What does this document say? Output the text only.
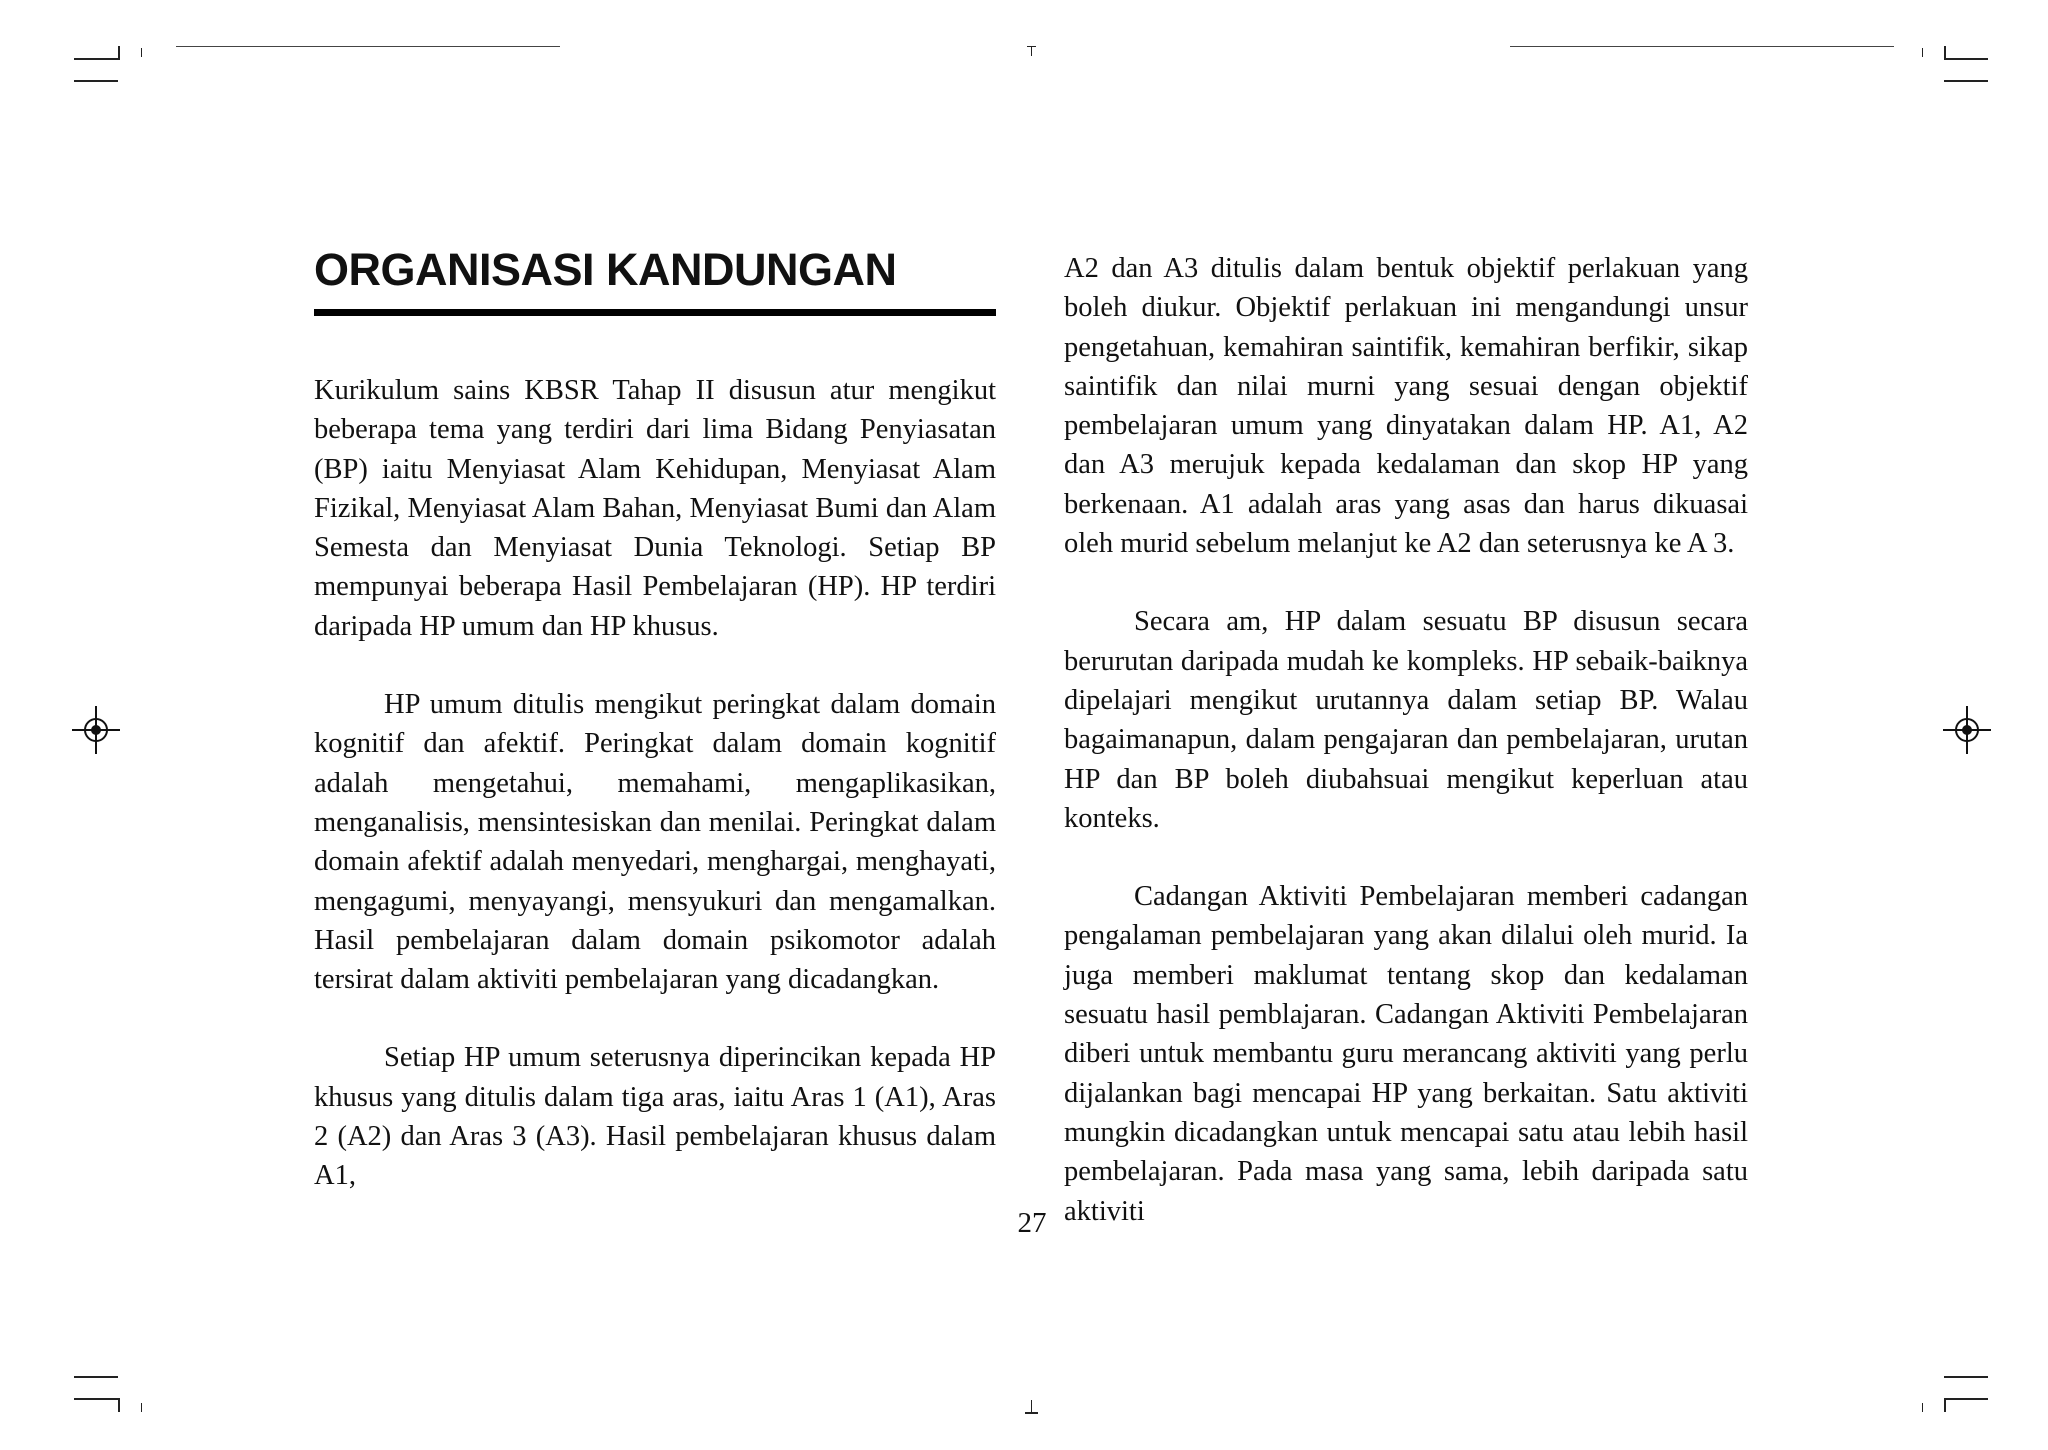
ORGANISASI KANDUNGAN

Kurikulum sains KBSR Tahap II disusun atur mengikut beberapa tema yang terdiri dari lima Bidang Penyiasatan (BP) iaitu Menyiasat Alam Kehidupan, Menyiasat Alam Fizikal, Menyiasat Alam Bahan, Menyiasat Bumi dan Alam Semesta dan Menyiasat Dunia Teknologi. Setiap BP mempunyai beberapa Hasil Pembelajaran (HP). HP terdiri daripada HP umum dan HP khusus.

HP umum ditulis mengikut peringkat dalam domain kognitif dan afektif. Peringkat dalam domain kognitif adalah mengetahui, memahami, mengaplikasikan, menganalisis, mensintesiskan dan menilai. Peringkat dalam domain afektif adalah menyedari, menghargai, menghayati, mengagumi, menyayangi, mensyukuri dan mengamalkan. Hasil pembelajaran dalam domain psikomotor adalah tersirat dalam aktiviti pembelajaran yang dicadangkan.

Setiap HP umum seterusnya diperincikan kepada HP khusus yang ditulis dalam tiga aras, iaitu Aras 1 (A1), Aras 2 (A2) dan Aras 3 (A3). Hasil pembelajaran khusus dalam A1,

A2 dan A3 ditulis dalam bentuk objektif perlakuan yang boleh diukur. Objektif perlakuan ini mengandungi unsur pengetahuan, kemahiran saintifik, kemahiran berfikir, sikap saintifik dan nilai murni yang sesuai dengan objektif pembelajaran umum yang dinyatakan dalam HP. A1, A2 dan A3 merujuk kepada kedalaman dan skop HP yang berkenaan. A1 adalah aras yang asas dan harus dikuasai oleh murid sebelum melanjut ke A2 dan seterusnya ke A 3.

Secara am, HP dalam sesuatu BP disusun secara berurutan daripada mudah ke kompleks. HP sebaik-baiknya dipelajari mengikut urutannya dalam setiap BP. Walau bagaimanapun, dalam pengajaran dan pembelajaran, urutan HP dan BP boleh diubahsuai mengikut keperluan atau konteks.

Cadangan Aktiviti Pembelajaran memberi cadangan pengalaman pembelajaran yang akan dilalui oleh murid. Ia juga memberi maklumat tentang skop dan kedalaman sesuatu hasil pemblajaran. Cadangan Aktiviti Pembelajaran diberi untuk membantu guru merancang aktiviti yang perlu dijalankan bagi mencapai HP yang berkaitan. Satu aktiviti mungkin dicadangkan untuk mencapai satu atau lebih hasil pembelajaran. Pada masa yang sama, lebih daripada satu aktiviti

27
